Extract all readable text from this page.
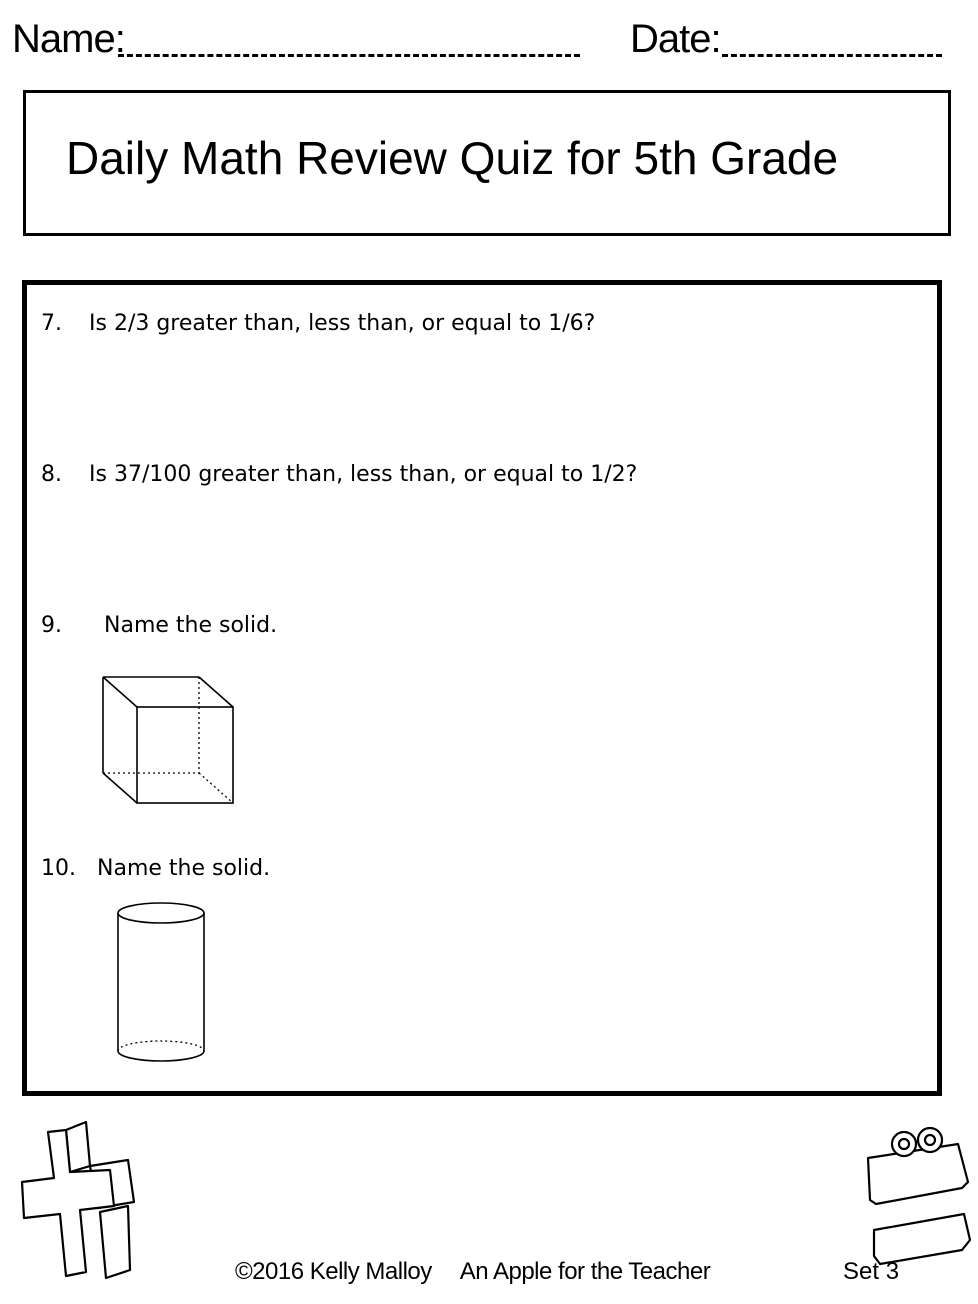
Name:	Date:
Daily Math Review Quiz for 5th Grade
7. Is 2/3 greater than, less than, or equal to 1/6?
8. Is 37/100 greater than, less than, or equal to 1/2?
9. Name the solid.
10. Name the solid.
©2016 Kelly Malloy An Apple for the Teacher	Set 3
